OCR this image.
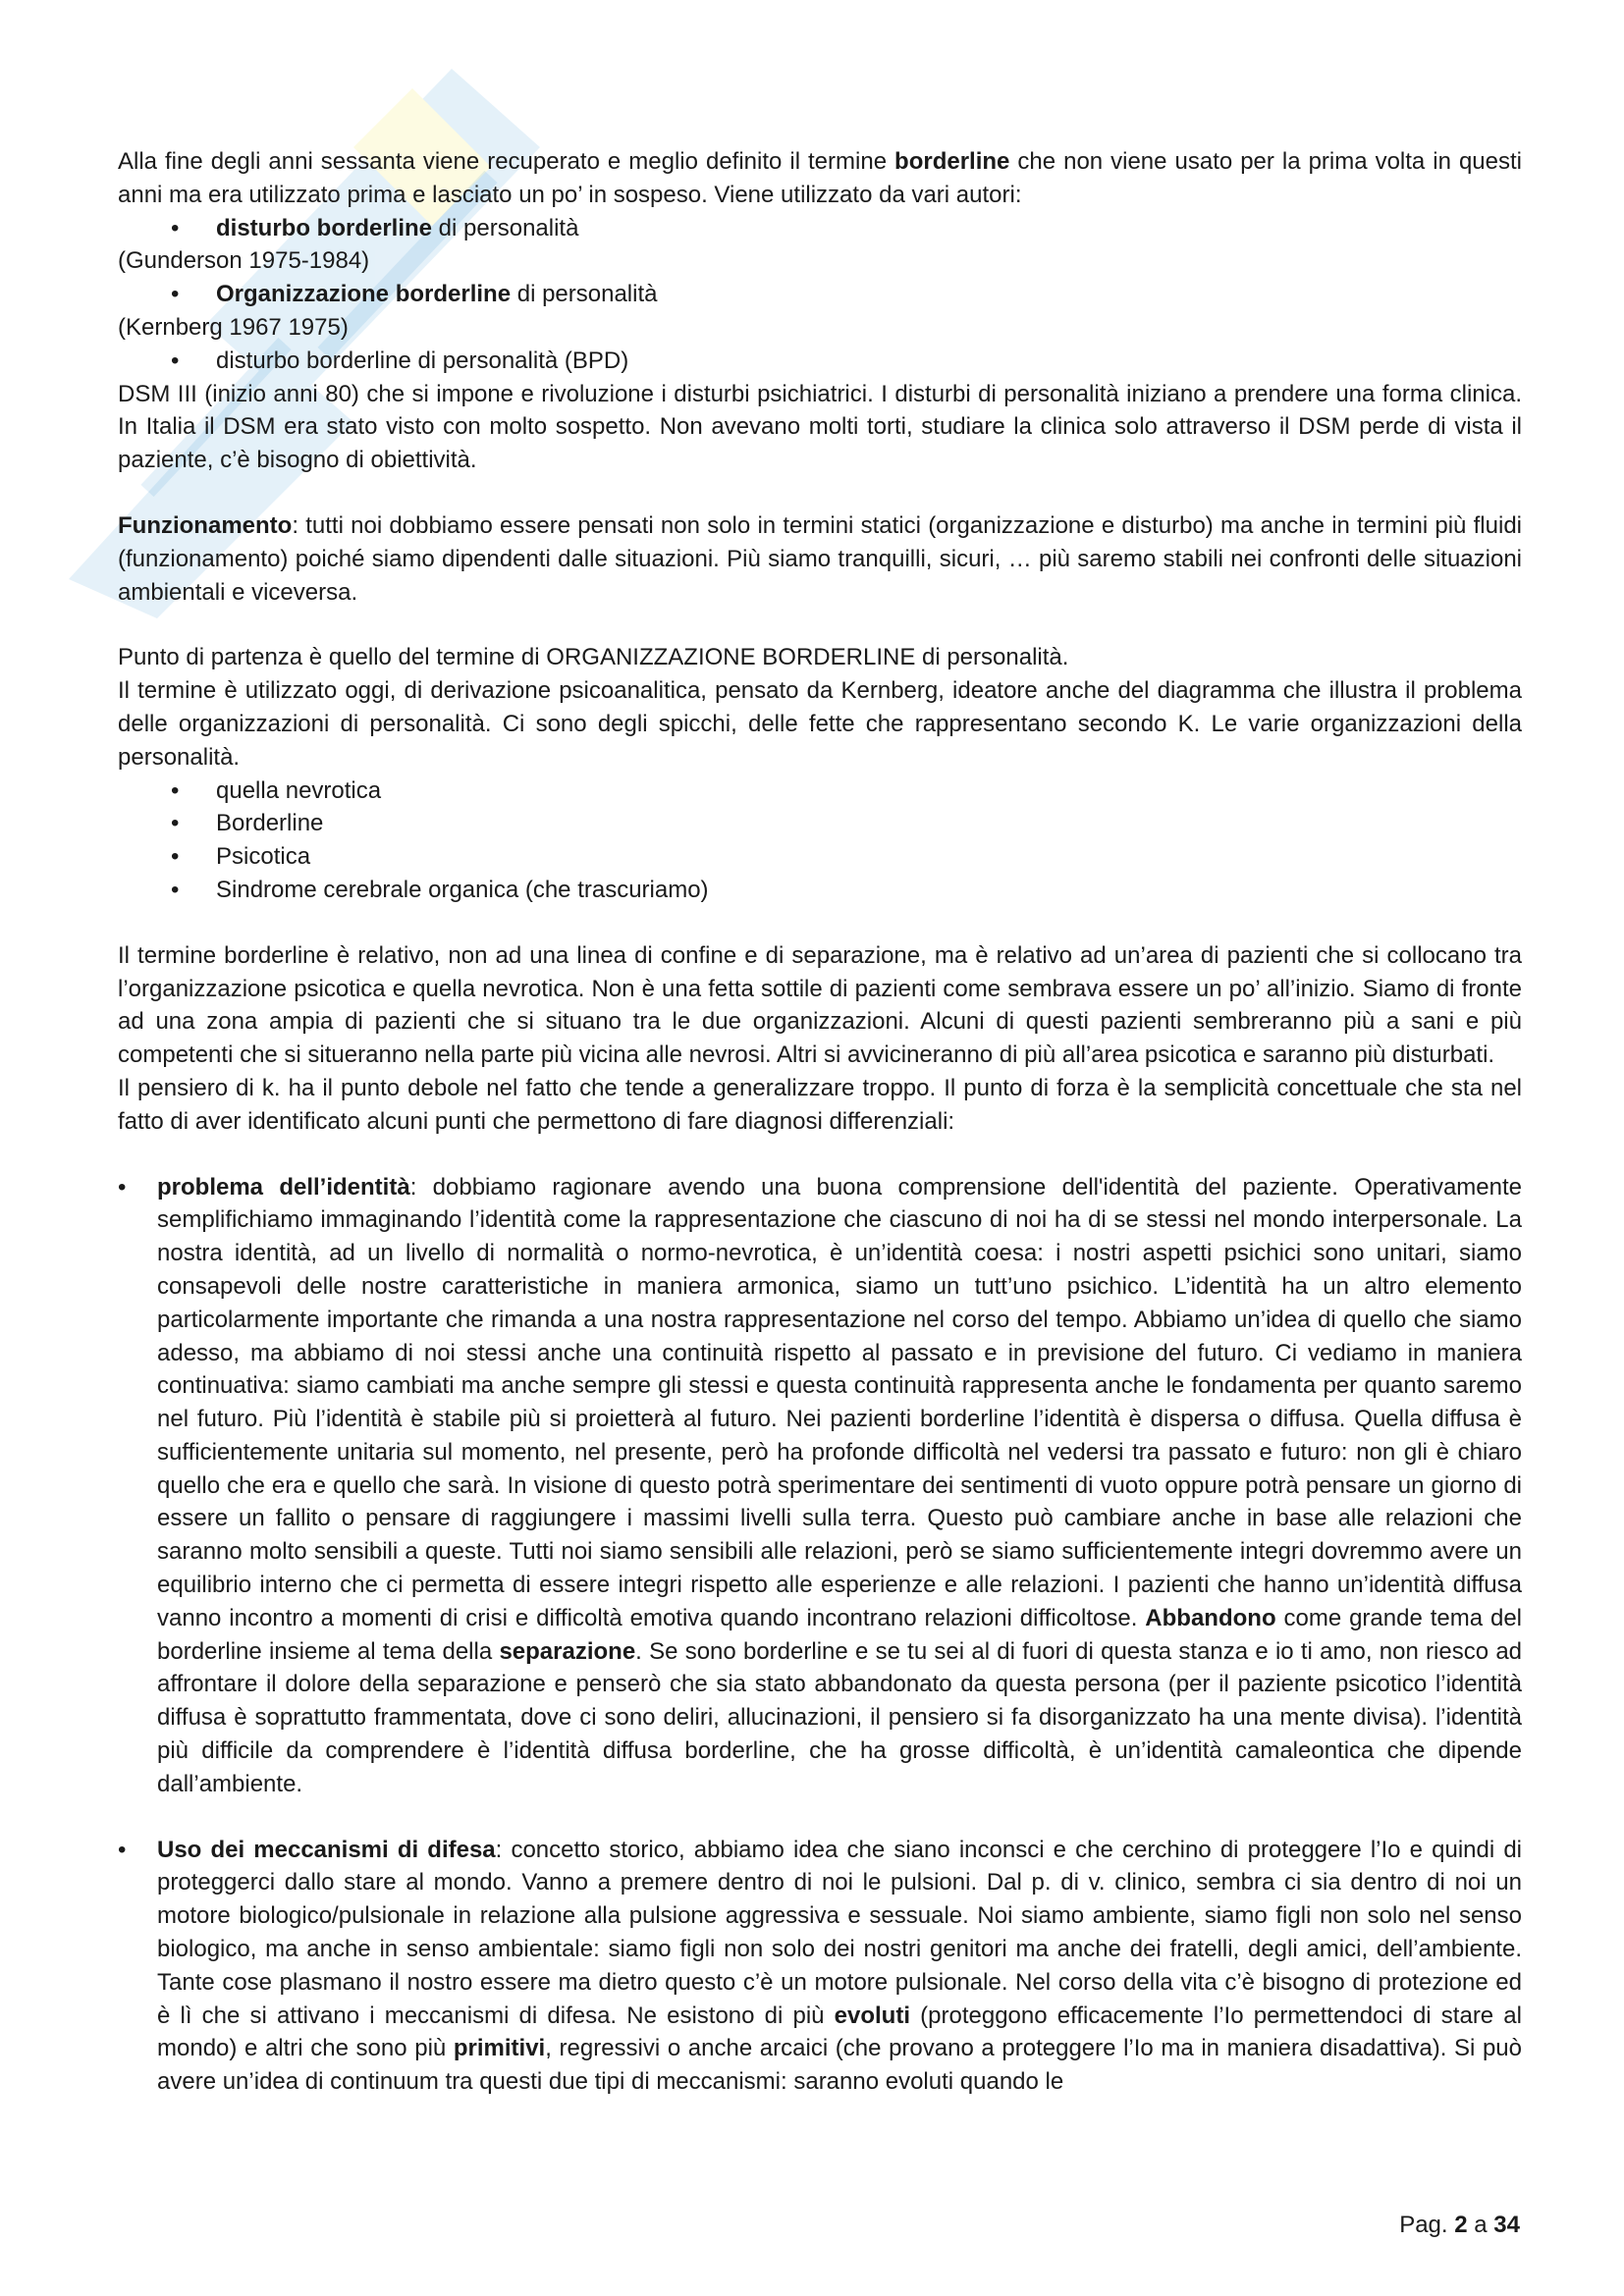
Alla fine degli anni sessanta viene recuperato e meglio definito il termine borderline che non viene usato per la prima volta in questi anni ma era utilizzato prima e lasciato un po’ in sospeso. Viene utilizzato da vari autori:

• disturbo borderline di personalità

(Gunderson 1975-1984)

• Organizzazione borderline di personalità

(Kernberg 1967 1975)

• disturbo borderline di personalità (BPD)

DSM III (inizio anni 80) che si impone e rivoluzione i disturbi psichiatrici. I disturbi di personalità iniziano a prendere una forma clinica. In Italia il DSM era stato visto con molto sospetto. Non avevano molti torti, studiare la clinica solo attraverso il DSM perde di vista il paziente, c’è bisogno di obiettività.

Funzionamento: tutti noi dobbiamo essere pensati non solo in termini statici (organizzazione e disturbo) ma anche in termini più fluidi (funzionamento) poiché siamo dipendenti dalle situazioni. Più siamo tranquilli, sicuri, … più saremo stabili nei confronti delle situazioni ambientali e viceversa.

Punto di partenza è quello del termine di ORGANIZZAZIONE BORDERLINE di personalità.

Il termine è utilizzato oggi, di derivazione psicoanalitica, pensato da Kernberg, ideatore anche del diagramma che illustra il problema delle organizzazioni di personalità. Ci sono degli spicchi, delle fette che rappresentano secondo K. Le varie organizzazioni della personalità.

• quella nevrotica
• Borderline
• Psicotica
• Sindrome cerebrale organica (che trascuriamo)

Il termine borderline è relativo, non ad una linea di confine e di separazione, ma è relativo ad un’area di pazienti che si collocano tra l’organizzazione psicotica e quella nevrotica. Non è una fetta sottile di pazienti come sembrava essere un po’ all’inizio. Siamo di fronte ad una zona ampia di pazienti che si situano tra le due organizzazioni. Alcuni di questi pazienti sembreranno più a sani e più competenti che si situeranno nella parte più vicina alle nevrosi. Altri si avvicineranno di più all’area psicotica e saranno più disturbati.

Il pensiero di k. ha il punto debole nel fatto che tende a generalizzare troppo. Il punto di forza è la semplicità concettuale che sta nel fatto di aver identificato alcuni punti che permettono di fare diagnosi differenziali:

• problema dell’identità: dobbiamo ragionare avendo una buona comprensione dell'identità del paziente. Operativamente semplifichiamo immaginando l’identità come la rappresentazione che ciascuno di noi ha di se stessi nel mondo interpersonale. La nostra identità, ad un livello di normalità o normo-nevrotica, è un’identità coesa: i nostri aspetti psichici sono unitari, siamo consapevoli delle nostre caratteristiche in maniera armonica, siamo un tutt’uno psichico. L’identità ha un altro elemento particolarmente importante che rimanda a una nostra rappresentazione nel corso del tempo. Abbiamo un’idea di quello che siamo adesso, ma abbiamo di noi stessi anche una continuità rispetto al passato e in previsione del futuro. Ci vediamo in maniera continuativa: siamo cambiati ma anche sempre gli stessi e questa continuità rappresenta anche le fondamenta per quanto saremo nel futuro. Più l’identità è stabile più si proietterà al futuro. Nei pazienti borderline l’identità è dispersa o diffusa. Quella diffusa è sufficientemente unitaria sul momento, nel presente, però ha profonde difficoltà nel vedersi tra passato e futuro: non gli è chiaro quello che era e quello che sarà. In visione di questo potrà sperimentare dei sentimenti di vuoto oppure potrà pensare un giorno di essere un fallito o pensare di raggiungere i massimi livelli sulla terra. Questo può cambiare anche in base alle relazioni che saranno molto sensibili a queste. Tutti noi siamo sensibili alle relazioni, però se siamo sufficientemente integri dovremmo avere un equilibrio interno che ci permetta di essere integri rispetto alle esperienze e alle relazioni. I pazienti che hanno un’identità diffusa vanno incontro a momenti di crisi e difficoltà emotiva quando incontrano relazioni difficoltose. Abbandono come grande tema del borderline insieme al tema della separazione. Se sono borderline e se tu sei al di fuori di questa stanza e io ti amo, non riesco ad affrontare il dolore della separazione e penserò che sia stato abbandonato da questa persona (per il paziente psicotico l’identità diffusa è soprattutto frammentata, dove ci sono deliri, allucinazioni, il pensiero si fa disorganizzato ha una mente divisa). l’identità più difficile da comprendere è l’identità diffusa borderline, che ha grosse difficoltà, è un’identità camaleontica che dipende dall’ambiente.
• Uso dei meccanismi di difesa: concetto storico, abbiamo idea che siano inconsci e che cerchino di proteggere l’Io e quindi di proteggerci dallo stare al mondo. Vanno a premere dentro di noi le pulsioni. Dal p. di v. clinico, sembra ci sia dentro di noi un motore biologico/pulsionale in relazione alla pulsione aggressiva e sessuale. Noi siamo ambiente, siamo figli non solo nel senso biologico, ma anche in senso ambientale: siamo figli non solo dei nostri genitori ma anche dei fratelli, degli amici, dell’ambiente. Tante cose plasmano il nostro essere ma dietro questo c’è un motore pulsionale. Nel corso della vita c’è bisogno di protezione ed è lì che si attivano i meccanismi di difesa. Ne esistono di più evoluti (proteggono efficacemente l’Io permettendoci di stare al mondo) e altri che sono più primitivi, regressivi o anche arcaici (che provano a proteggere l’Io ma in maniera disadattiva). Si può avere un’idea di continuum tra questi due tipi di meccanismi: saranno evoluti quando le
Pag. 2 a 34
